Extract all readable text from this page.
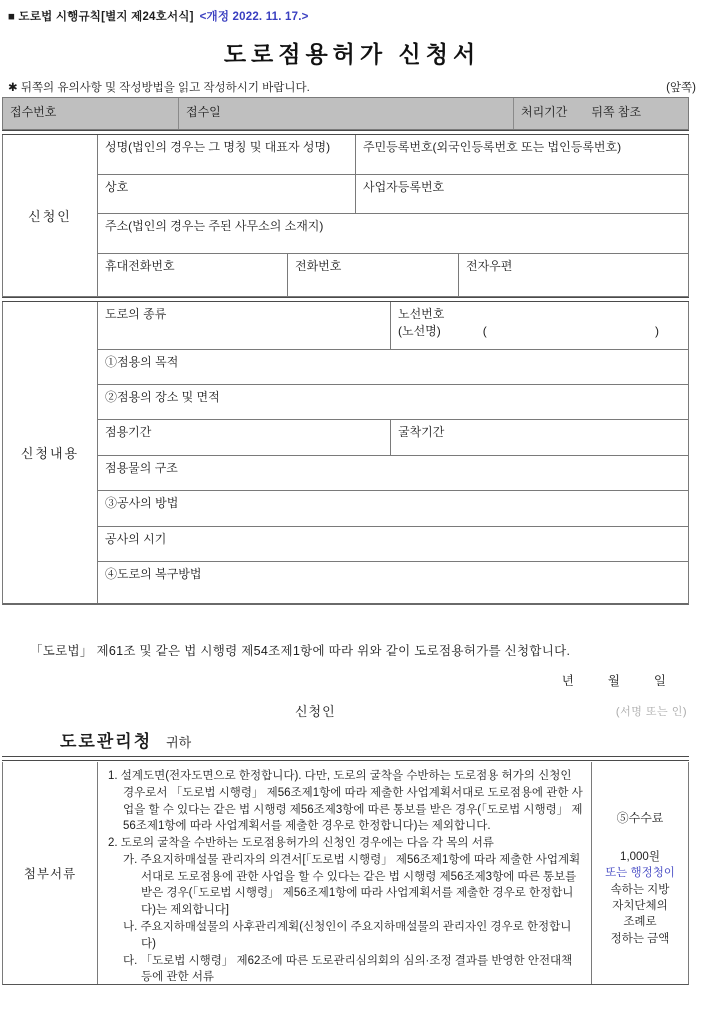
■ 도로법 시행규칙[별지 제24호서식] <개정 2022. 11. 17.>
도로점용허가 신청서
✱ 뒤쪽의 유의사항 및 작성방법을 읽고 작성하시기 바랍니다.	(앞쪽)
접수번호	접수일	처리기간 뒤쪽 참조
신청인
성명(법인의 경우는 그 명칭 및 대표자 성명)	주민등록번호(외국인등록번호 또는 법인등록번호)
상호	사업자등록번호
주소(법인의 경우는 주된 사무소의 소재지)
휴대전화번호	전화번호	전자우편
신청내용
도로의 종류	노선번호
(노선명)	(	)
①점용의 목적
②점용의 장소 및 면적
점용기간	굴착기간
점용물의 구조
③공사의 방법
공사의 시기
④도로의 복구방법
「도로법」 제61조 및 같은 법 시행령 제54조제1항에 따라 위와 같이 도로점용허가를 신청합니다.
년	월	일
신청인	(서명 또는 인)
도로관리청 귀하
첨부서류
1. 설계도면(전자도면으로 한정합니다). 다만, 도로의 굴착을 수반하는 도로점용 허가의 신청인 경우로서 「도로법 시행령」 제56조제1항에 따라 제출한 사업계획서대로 도로점용에 관한 사업을 할 수 있다는 같은 법 시행령 제56조제3항에 따른 통보를 받은 경우(「도로법 시행령」 제56조제1항에 따라 사업계획서를 제출한 경우로 한정합니다)는 제외합니다.
2. 도로의 굴착을 수반하는 도로점용허가의 신청인 경우에는 다음 각 목의 서류
가. 주요지하매설물 관리자의 의견서[「도로법 시행령」 제56조제1항에 따라 제출한 사업계획서대로 도로점용에 관한 사업을 할 수 있다는 같은 법 시행령 제56조제3항에 따른 통보를 받은 경우(「도로법 시행령」 제56조제1항에 따라 사업계획서를 제출한 경우로 한정합니다)는 제외합니다]
나. 주요지하매설물의 사후관리계획(신청인이 주요지하매설물의 관리자인 경우로 한정합니다)
다. 「도로법 시행령」 제62조에 따른 도로관리심의회의 심의·조정 결과를 반영한 안전대책 등에 관한 서류
⑤수수료
1,000원
또는 행정청이
속하는 지방
자치단체의
조례로
정하는 금액
